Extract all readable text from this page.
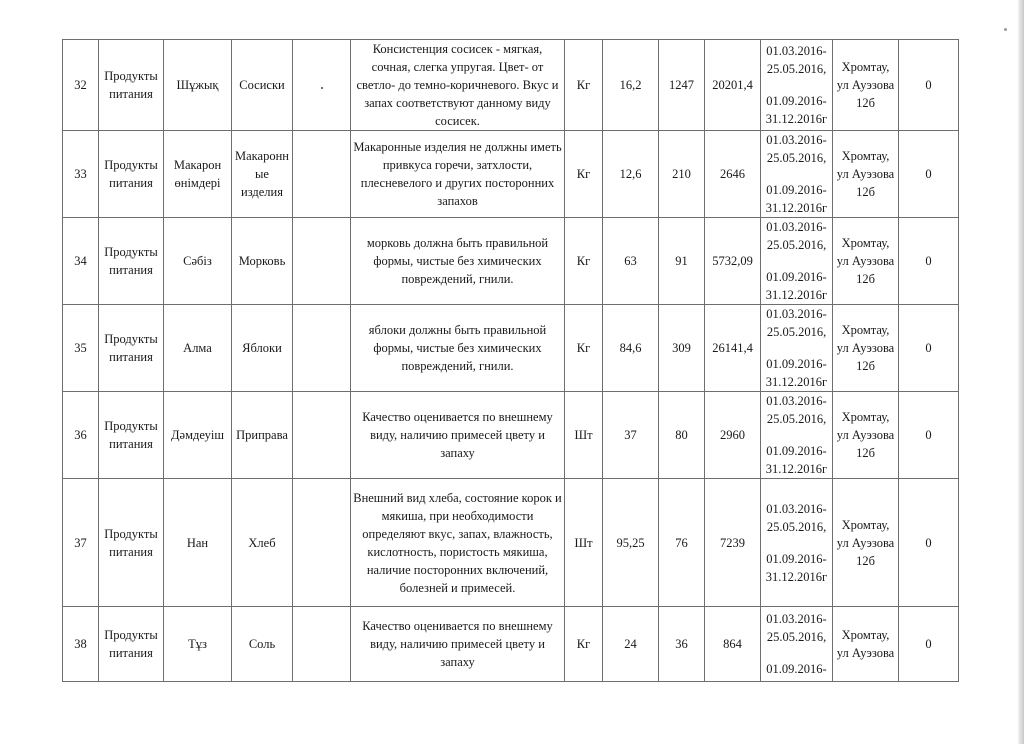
32	Продукты питания	Шұжық	Сосиски		Консистенция сосисек - мягкая, сочная, слегка упругая. Цвет- от светло- до темно-коричневого. Вкус и запах соответствуют данному виду сосисек.	Кг	16,2	1247	20201,4	01.03.2016-25.05.2016,
01.09.2016-31.12.2016г	Хромтау, ул Ауэзова 12б	0
33	Продукты питания	Макарон өнімдері	Макаронные изделия		Макаронные изделия не должны иметь привкуса горечи, затхлости, плесневелого и других посторонних запахов	Кг	12,6	210	2646	01.03.2016-25.05.2016,
01.09.2016-31.12.2016г	Хромтау, ул Ауэзова 12б	0
34	Продукты питания	Сәбіз	Морковь		морковь должна быть правильной формы, чистые без химических повреждений, гнили.	Кг	63	91	5732,09	01.03.2016-25.05.2016,
01.09.2016-31.12.2016г	Хромтау, ул Ауэзова 12б	0
35	Продукты питания	Алма	Яблоки		яблоки должны быть правильной формы, чистые без химических повреждений, гнили.	Кг	84,6	309	26141,4	01.03.2016-25.05.2016,
01.09.2016-31.12.2016г	Хромтау, ул Ауэзова 12б	0
36	Продукты питания	Дәмдеуіш	Приправа		Качество оценивается по внешнему виду, наличию примесей цвету и запаху	Шт	37	80	2960	01.03.2016-25.05.2016,
01.09.2016-31.12.2016г	Хромтау, ул Ауэзова 12б	0
37	Продукты питания	Нан	Хлеб		Внешний вид хлеба, состояние корок и мякиша, при необходимости определяют вкус, запах, влажность, кислотность, пористость мякиша, наличие посторонних включений, болезней и примесей.	Шт	95,25	76	7239	01.03.2016-25.05.2016,
01.09.2016-31.12.2016г	Хромтау, ул Ауэзова 12б	0
38	Продукты питания	Тұз	Соль		Качество оценивается по внешнему виду, наличию примесей цвету и запаху	Кг	24	36	864	01.03.2016-25.05.2016,
01.09.2016-	Хромтау, ул Ауэзова	0
